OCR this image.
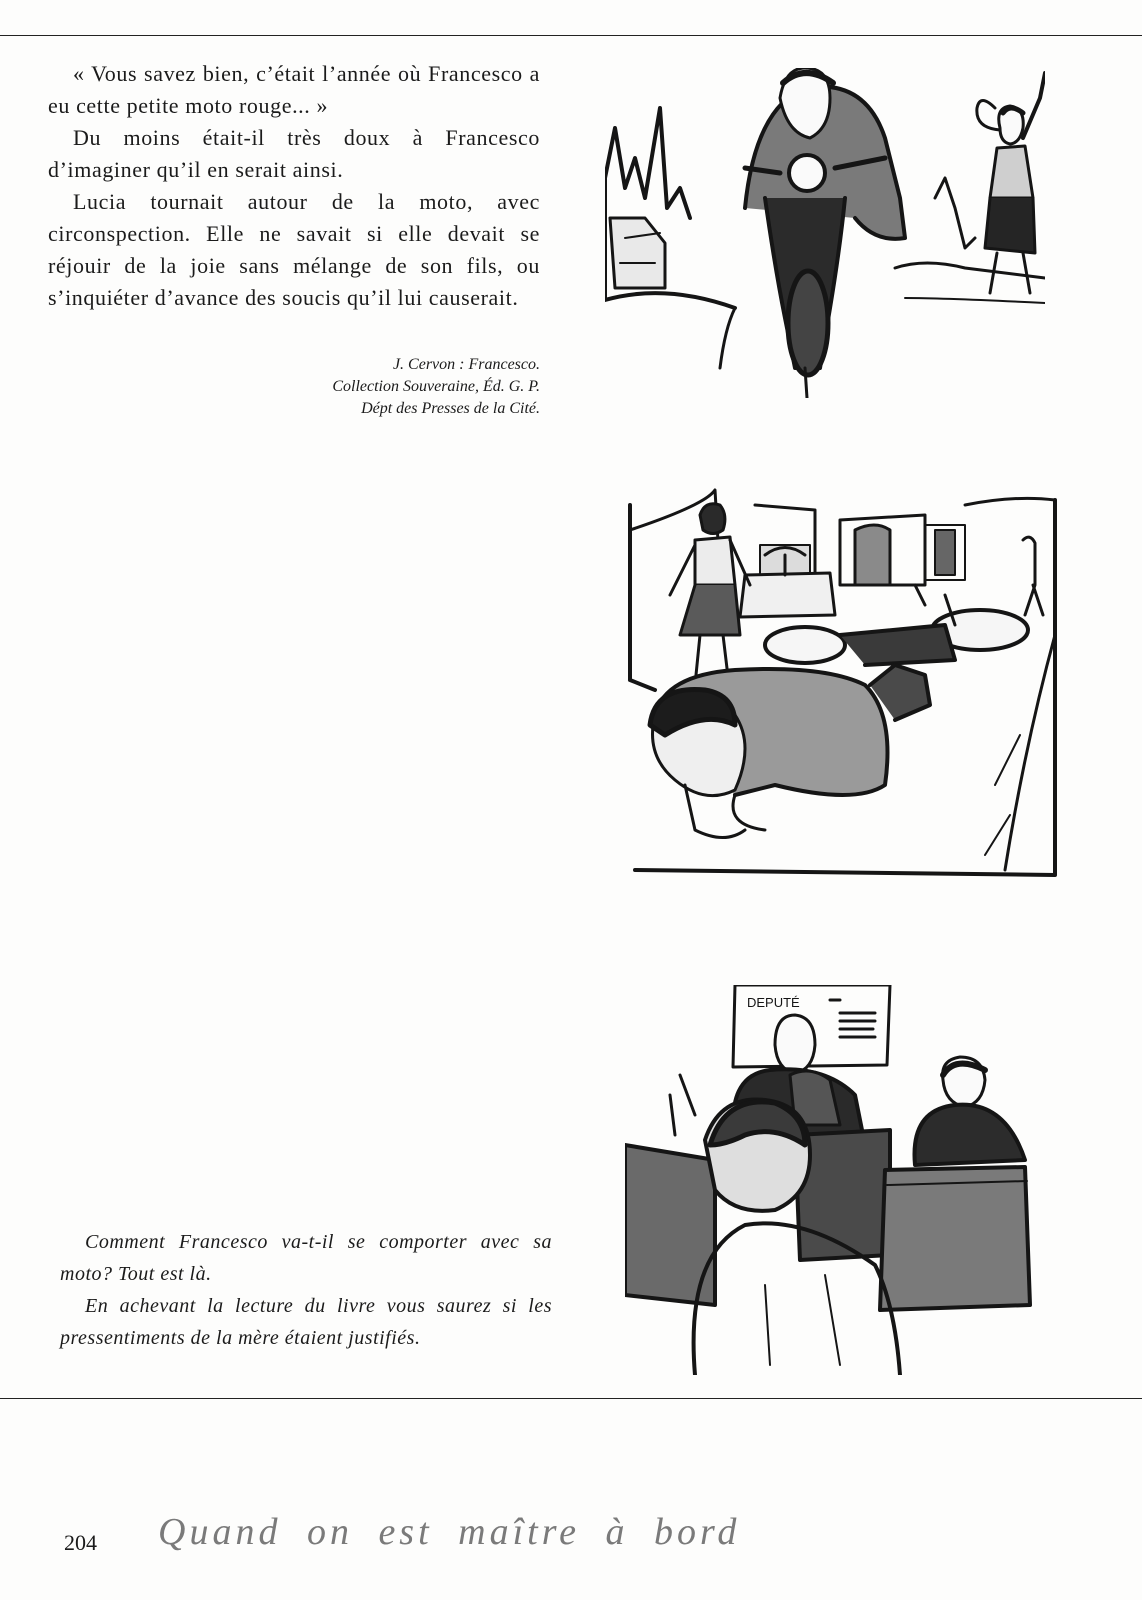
« Vous savez bien, c’était l’année où Francesco a eu cette petite moto rouge... »

Du moins était-il très doux à Francesco d’imaginer qu’il en serait ainsi.

Lucia tournait autour de la moto, avec circonspection. Elle ne savait si elle devait se réjouir de la joie sans mélange de son fils, ou s’inquiéter d’avance des soucis qu’il lui causerait.

J. Cervon : Francesco.
Collection Souveraine, Éd. G. P.
Dépt des Presses de la Cité.
DEPUTÉ

Comment Francesco va-t-il se comporter avec sa moto? Tout est là.

En achevant la lecture du livre vous saurez si les pressentiments de la mère étaient justifiés.

204 Quand on est maître à bord
